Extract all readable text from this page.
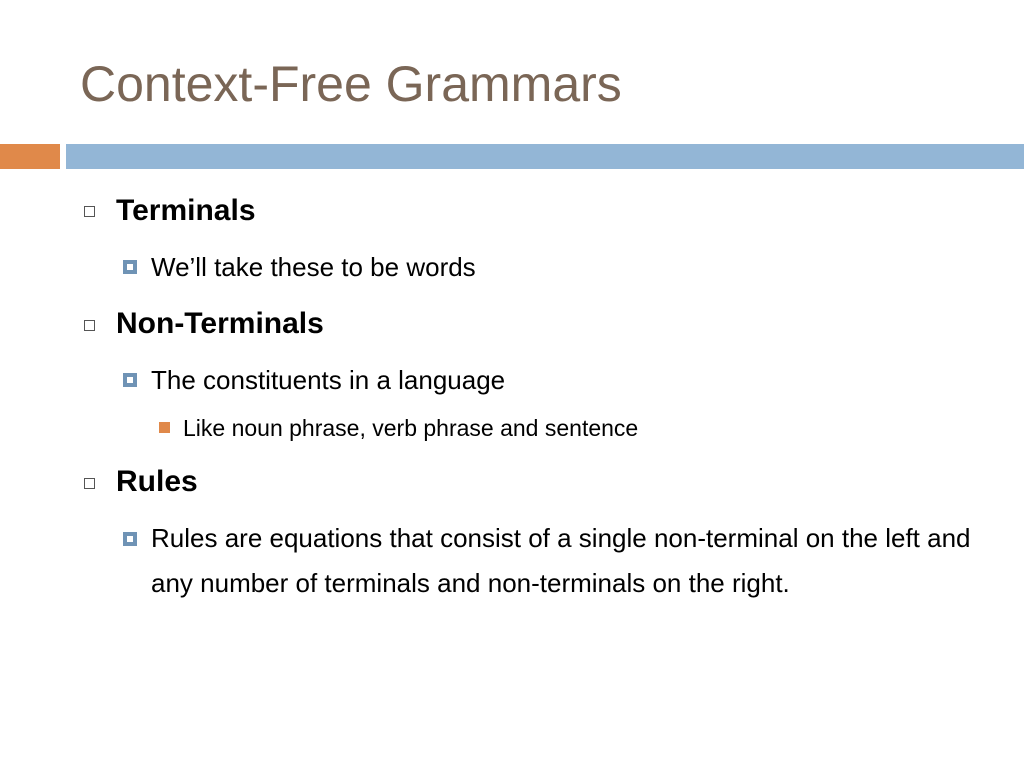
Context-Free Grammars
Terminals
We’ll take these to be words
Non-Terminals
The constituents in a language
Like noun phrase, verb phrase and sentence
Rules
Rules are equations that consist of a single non-terminal on the left and any number of terminals and non-terminals on the right.
